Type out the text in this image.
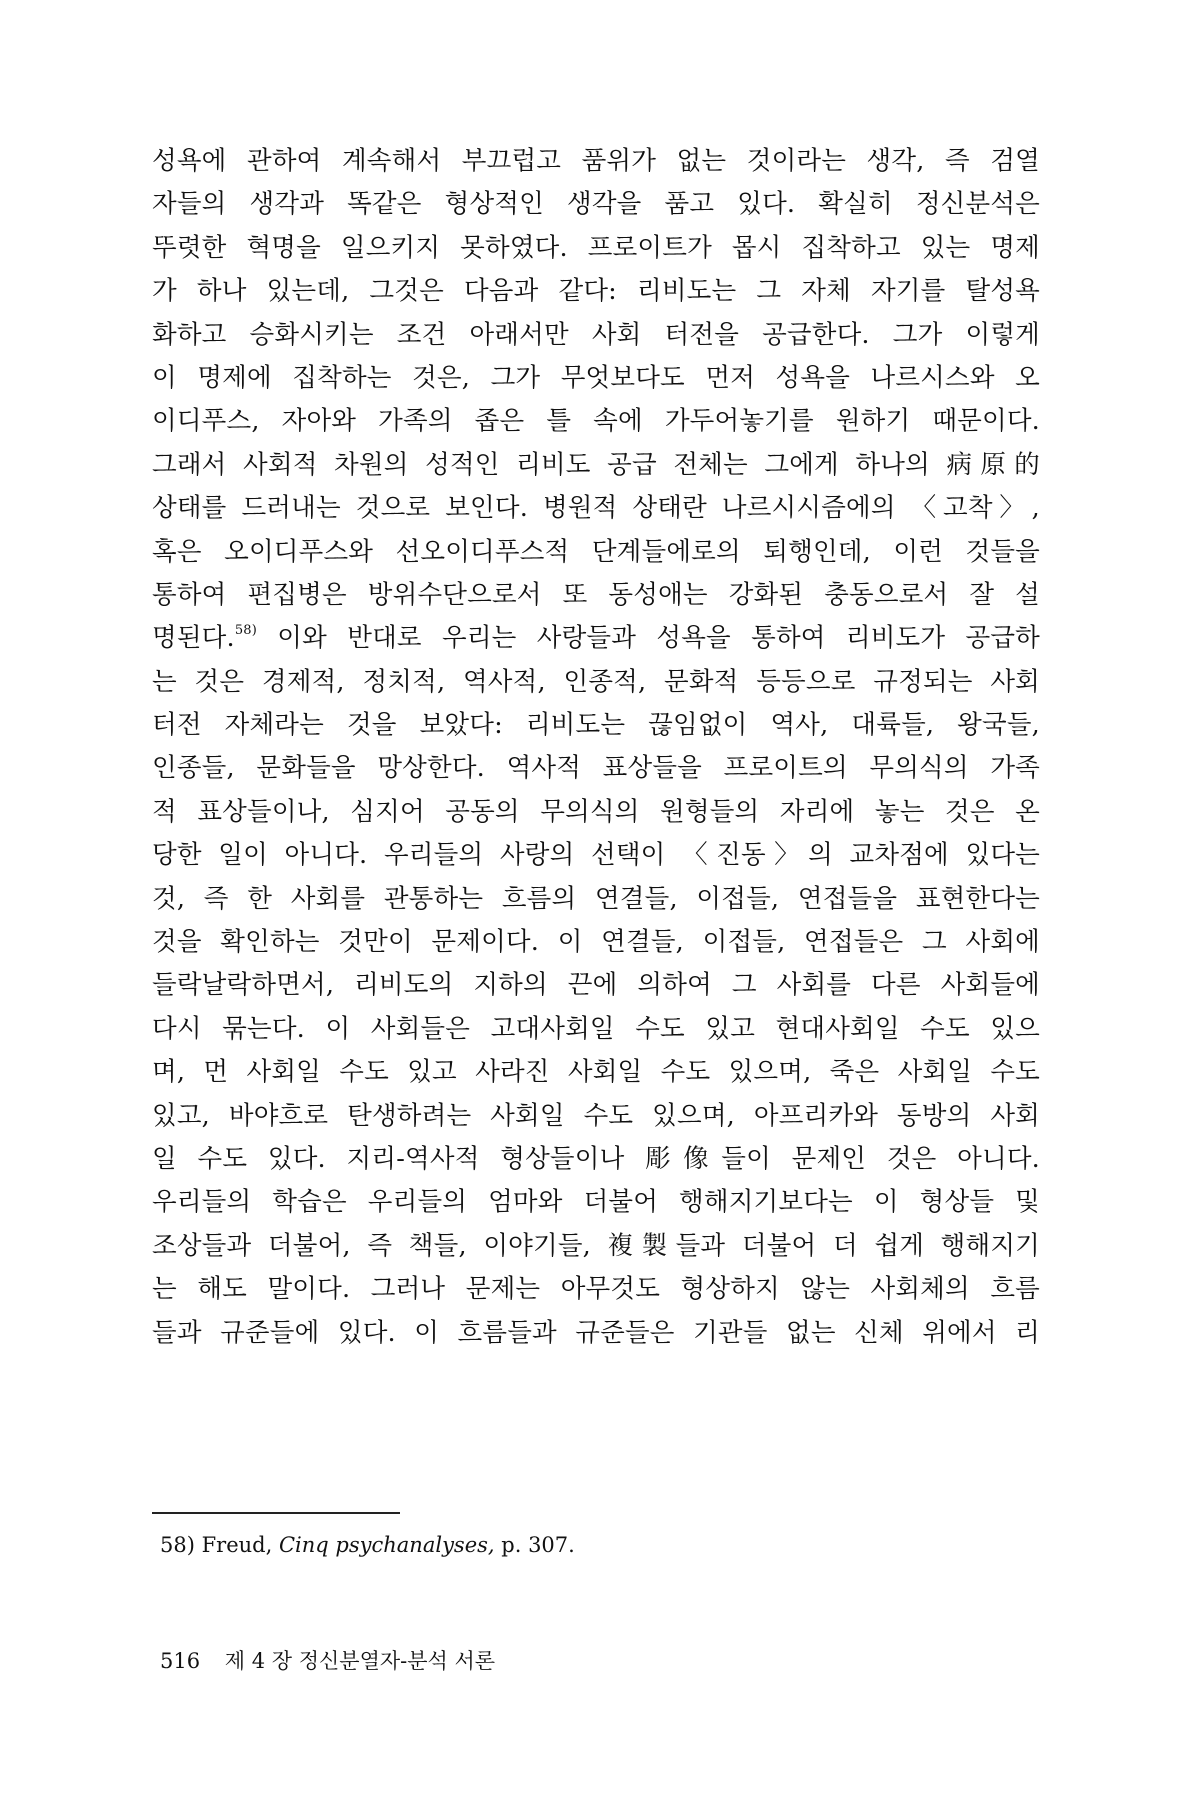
성욕에 관하여 계속해서 부끄럽고 품위가 없는 것이라는 생각, 즉 검열
자들의 생각과 똑같은 형상적인 생각을 품고 있다. 확실히 정신분석은
뚜렷한 혁명을 일으키지 못하였다. 프로이트가 몹시 집착하고 있는 명제
가 하나 있는데, 그것은 다음과 같다: 리비도는 그 자체 자기를 탈성욕
화하고 승화시키는 조건 아래서만 사회 터전을 공급한다. 그가 이렇게
이 명제에 집착하는 것은, 그가 무엇보다도 먼저 성욕을 나르시스와 오
이디푸스, 자아와 가족의 좁은 틀 속에 가두어놓기를 원하기 때문이다.
그래서 사회적 차원의 성적인 리비도 공급 전체는 그에게 하나의 病原的
상태를 드러내는 것으로 보인다. 병원적 상태란 나르시시즘에의 〈고착〉,
혹은 오이디푸스와 선오이디푸스적 단계들에로의 퇴행인데, 이런 것들을
통하여 편집병은 방위수단으로서 또 동성애는 강화된 충동으로서 잘 설
명된다.$^{58)}$ 이와 반대로 우리는 사랑들과 성욕을 통하여 리비도가 공급하
는 것은 경제적, 정치적, 역사적, 인종적, 문화적 등등으로 규정되는 사회
터전 자체라는 것을 보았다: 리비도는 끊임없이 역사, 대륙들, 왕국들,
인종들, 문화들을 망상한다. 역사적 표상들을 프로이트의 무의식의 가족
적 표상들이나, 심지어 공동의 무의식의 원형들의 자리에 놓는 것은 온
당한 일이 아니다. 우리들의 사랑의 선택이 〈진동〉의 교차점에 있다는
것, 즉 한 사회를 관통하는 흐름의 연결들, 이접들, 연접들을 표현한다는
것을 확인하는 것만이 문제이다. 이 연결들, 이접들, 연접들은 그 사회에
들락날락하면서, 리비도의 지하의 끈에 의하여 그 사회를 다른 사회들에
다시 묶는다. 이 사회들은 고대사회일 수도 있고 현대사회일 수도 있으
며, 먼 사회일 수도 있고 사라진 사회일 수도 있으며, 죽은 사회일 수도
있고, 바야흐로 탄생하려는 사회일 수도 있으며, 아프리카와 동방의 사회
일 수도 있다. 지리-역사적 형상들이나 彫像들이 문제인 것은 아니다.
우리들의 학습은 우리들의 엄마와 더불어 행해지기보다는 이 형상들 및
조상들과 더불어, 즉 책들, 이야기들, 複製들과 더불어 더 쉽게 행해지기
는 해도 말이다. 그러나 문제는 아무것도 형상하지 않는 사회체의 흐름
들과 규준들에 있다. 이 흐름들과 규준들은 기관들 없는 신체 위에서 리
58) Freud, Cinq psychanalyses, p. 307.
516 제 4 장 정신분열자-분석 서론
